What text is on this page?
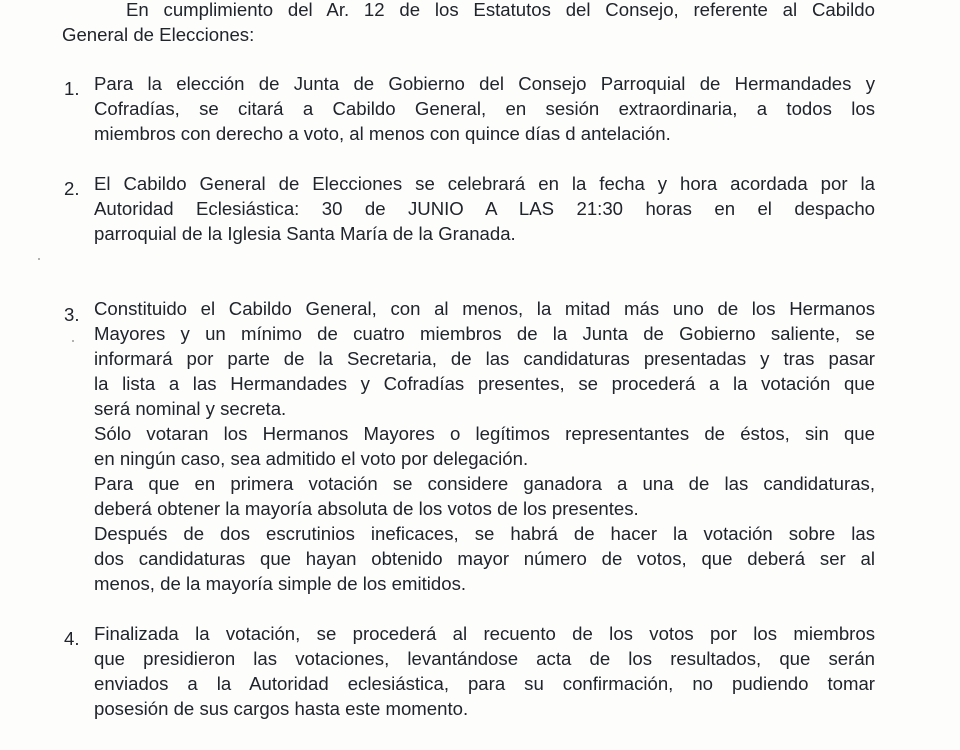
En cumplimiento del Ar. 12 de los Estatutos del Consejo, referente al Cabildo

General de Elecciones:

1. Para la elección de Junta de Gobierno del Consejo Parroquial de Hermandades y

Cofradías, se citará a Cabildo General, en sesión extraordinaria, a todos los

miembros con derecho a voto, al menos con quince días d antelación.

2. El Cabildo General de Elecciones se celebrará en la fecha y hora acordada por la

Autoridad Eclesiástica: 30 de JUNIO A LAS 21:30 horas en el despacho

parroquial de la Iglesia Santa María de la Granada.

3. Constituido el Cabildo General, con al menos, la mitad más uno de los Hermanos

Mayores y un mínimo de cuatro miembros de la Junta de Gobierno saliente, se

informará por parte de la Secretaria, de las candidaturas presentadas y tras pasar

la lista a las Hermandades y Cofradías presentes, se procederá a la votación que

será nominal y secreta.

Sólo votaran los Hermanos Mayores o legítimos representantes de éstos, sin que

en ningún caso, sea admitido el voto por delegación.

Para que en primera votación se considere ganadora a una de las candidaturas,

deberá obtener la mayoría absoluta de los votos de los presentes.

Después de dos escrutinios ineficaces, se habrá de hacer la votación sobre las

dos candidaturas que hayan obtenido mayor número de votos, que deberá ser al

menos, de la mayoría simple de los emitidos.

4. Finalizada la votación, se procederá al recuento de los votos por los miembros

que presidieron las votaciones, levantándose acta de los resultados, que serán

enviados a la Autoridad eclesiástica, para su confirmación, no pudiendo tomar

posesión de sus cargos hasta este momento.
